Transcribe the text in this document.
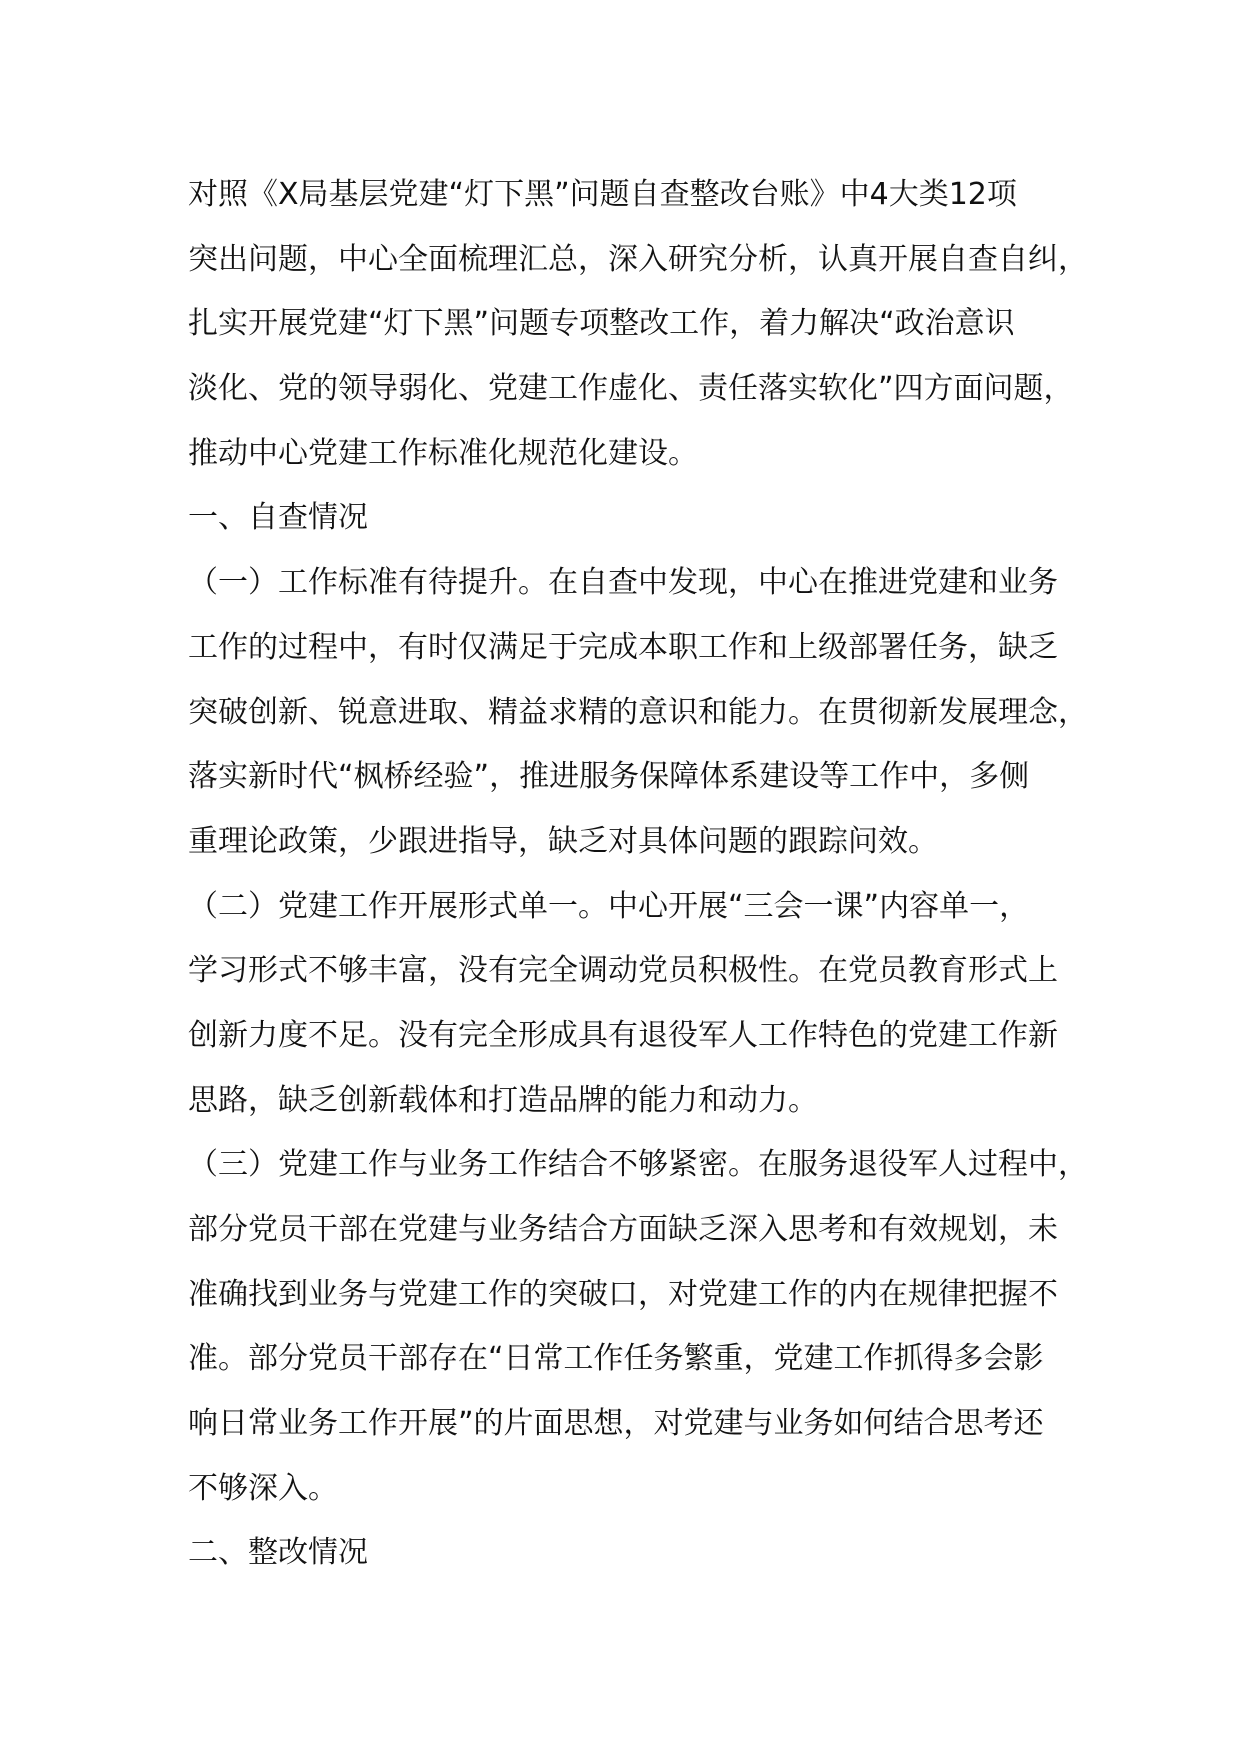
对照《X局基层党建“灯下黑”问题自查整改台账》中4大类12项
突出问题，中心全面梳理汇总，深入研究分析，认真开展自查自纠，
扎实开展党建“灯下黑”问题专项整改工作，着力解决“政治意识
淡化、党的领导弱化、党建工作虚化、责任落实软化”四方面问题，
推动中心党建工作标准化规范化建设。
一、自查情况
（一）工作标准有待提升。在自查中发现，中心在推进党建和业务
工作的过程中，有时仅满足于完成本职工作和上级部署任务，缺乏
突破创新、锐意进取、精益求精的意识和能力。在贯彻新发展理念，
落实新时代“枫桥经验”，推进服务保障体系建设等工作中，多侧
重理论政策，少跟进指导，缺乏对具体问题的跟踪问效。
（二）党建工作开展形式单一。中心开展“三会一课”内容单一，
学习形式不够丰富，没有完全调动党员积极性。在党员教育形式上
创新力度不足。没有完全形成具有退役军人工作特色的党建工作新
思路，缺乏创新载体和打造品牌的能力和动力。
（三）党建工作与业务工作结合不够紧密。在服务退役军人过程中，
部分党员干部在党建与业务结合方面缺乏深入思考和有效规划，未
准确找到业务与党建工作的突破口，对党建工作的内在规律把握不
准。部分党员干部存在“日常工作任务繁重，党建工作抓得多会影
响日常业务工作开展”的片面思想，对党建与业务如何结合思考还
不够深入。
二、整改情况
